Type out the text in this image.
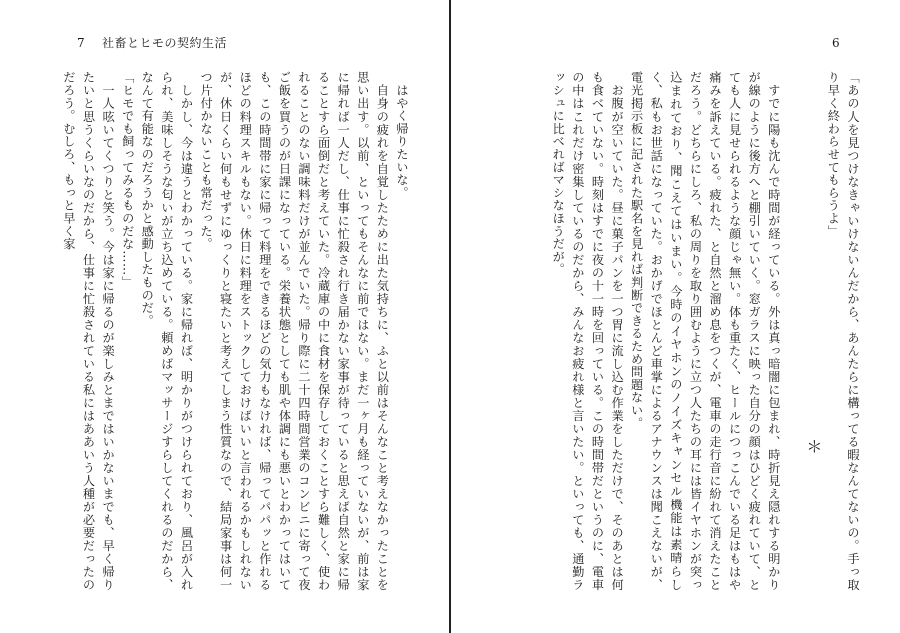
7 社畜とヒモの契約生活
　はやく帰りたいな。
　自身の疲れを自覚したために出た気持ちに、ふと以前はそんなこと考えなかったことを思い出す。以前、といってもそんなに前ではない。まだ一ヶ月も経っていないが、前は家に帰れば一人だし、仕事に忙殺され行き届かない家事が待っていると思えば自然と家に帰ることすら面倒だと考えていた。冷蔵庫の中に食材を保存しておくことすら難しく、使われることのない調味料だけが並んでいた。帰り際に二十四時間営業のコンビニに寄って夜ご飯を買うのが日課になっている。栄養状態としても肌や体調にも悪いとわかってはいても、この時間帯に家に帰って料理をできるほどの気力もなければ、帰ってパパッと作れるほどの料理スキルもない。休日に料理をストックしておけばいいと言われるかもしれないが、休日くらい何もせずにゆっくりと寝たいと考えてしまう性質なので、結局家事は何一つ片付かないことも常だった。
　しかし、今は違うとわかっている。家に帰れば、明かりがつけられており、風呂が入れられ、美味しそうな匂いが立ち込めている。頼めばマッサージすらしてくれるのだから、なんて有能なのだろうかと感動したものだ。
「ヒモでも飼ってみるものだな……」
　一人呟いてくつりと笑う。今は家に帰るのが楽しみとまではいかないまでも、早く帰りたいと思うくらいなのだから、仕事に忙殺されている私にはああいう人種が必要だったのだろう。むしろ、もっと早く家
6
「あの人を見つけなきゃいけないんだから、あんたらに構ってる暇なんてないの。手っ取り早く終わらせてもらうよ」
＊
　すでに陽も沈んで時間が経っている。外は真っ暗闇に包まれ、時折見え隠れする明かりが線のように後方へと棚引いていく。窓ガラスに映った自分の顔はひどく疲れていて、とても人に見せられるような顔じゃ無い。体も重たく、ヒールにつっこんでいる足はもはや痛みを訴えている。疲れた、と自然と溜め息をつくが、電車の走行音に紛れて消えたことだろう。どちらにしろ、私の周りを取り囲むように立つ人たちの耳には皆イヤホンが突っ込まれており、聞こえてはいまい。今時のイヤホンのノイズキャンセル機能は素晴らしく、私もお世話になっていた。おかげでほとんど車掌によるアナウンスは聞こえないが、電光掲示板に記された駅名を見れば判断できるため問題ない。
　お腹が空いていた。昼に菓子パンを一つ胃に流し込む作業をしただけで、そのあとは何も食べていない。時刻はすでに夜の十一時を回っている。この時間帯だというのに、電車の中はこれだけ密集しているのだから、みんなお疲れ様と言いたい。といっても、通勤ラッシュに比べればマシなほうだが。
